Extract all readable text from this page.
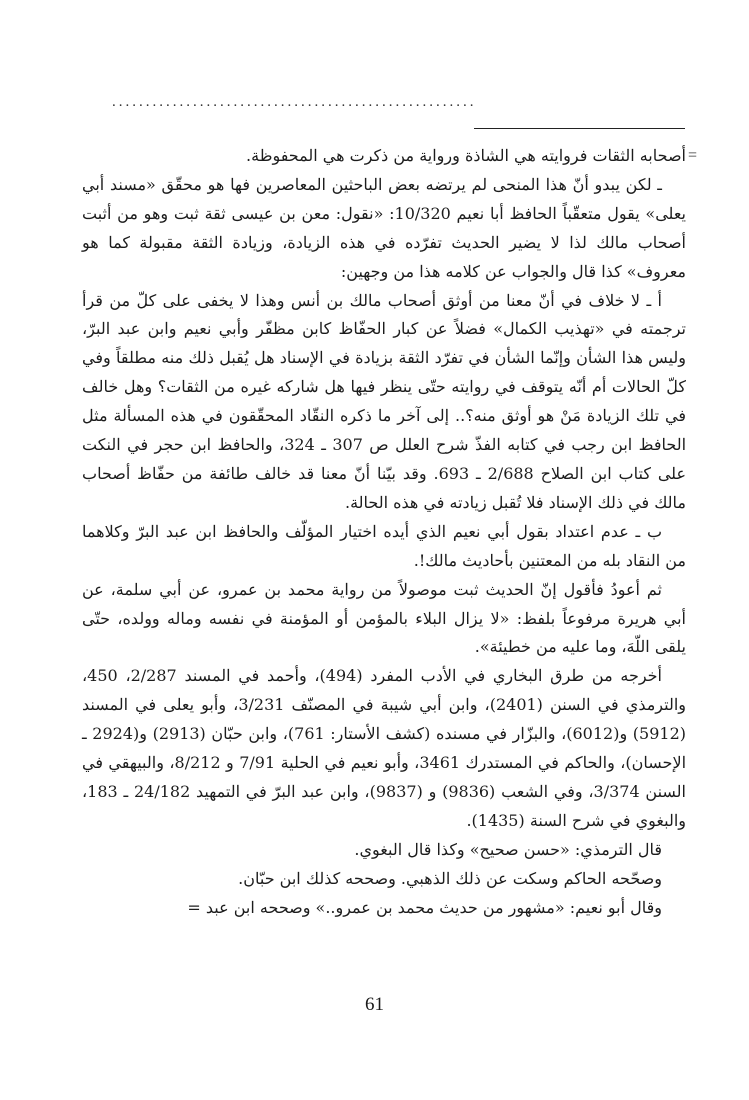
......................................................
=

أصحابه الثقات فروايته هي الشاذة ورواية من ذكرت هي المحفوظة.

ـ لكن يبدو أنّ هذا المنحى لم يرتضه بعض الباحثين المعاصرين فها هو محقّق «مسند أبي يعلى» يقول متعقّباً الحافظ أبا نعيم 10/320: «نقول: معن بن عيسى ثقة ثبت وهو من أثبت أصحاب مالك لذا لا يضير الحديث تفرّده في هذه الزيادة، وزيادة الثقة مقبولة كما هو معروف» كذا قال والجواب عن كلامه هذا من وجهين:

أ ـ لا خلاف في أنّ معنا من أوثق أصحاب مالك بن أنس وهذا لا يخفى على كلّ من قرأ ترجمته في «تهذيب الكمال» فضلاً عن كبار الحفّاظ كابن مظفّر وأبي نعيم وابن عبد البرّ، وليس هذا الشأن وإنّما الشأن في تفرّد الثقة بزيادة في الإسناد هل يُقبل ذلك منه مطلقاً وفي كلّ الحالات أم أنّه يتوقف في روايته حتّى ينظر فيها هل شاركه غيره من الثقات؟ وهل خالف في تلك الزيادة مَنْ هو أوثق منه؟.. إلى آخر ما ذكره النقّاد المحقّقون في هذه المسألة مثل الحافظ ابن رجب في كتابه الفذّ شرح العلل ص 307 ـ 324، والحافظ ابن حجر في النكت على كتاب ابن الصلاح 2/688 ـ 693. وقد بيّنا أنّ معنا قد خالف طائفة من حفّاظ أصحاب مالك في ذلك الإسناد فلا تُقبل زيادته في هذه الحالة.

ب ـ عدم اعتداد بقول أبي نعيم الذي أيده اختيار المؤلّف والحافظ ابن عبد البرّ وكلاهما من النقاد بله من المعتنين بأحاديث مالك!.

ثم أعودُ فأقول إنّ الحديث ثبت موصولاً من رواية محمد بن عمرو، عن أبي سلمة، عن أبي هريرة مرفوعاً بلفظ: «لا يزال البلاء بالمؤمن أو المؤمنة في نفسه وماله وولده، حتّى يلقى اللّهَ، وما عليه من خطيئة».

أخرجه من طرق البخاري في الأدب المفرد (494)، وأحمد في المسند 2/287، 450، والترمذي في السنن (2401)، وابن أبي شيبة في المصنّف 3/231، وأبو يعلى في المسند (5912) و(6012)، والبزّار في مسنده (كشف الأستار: 761)، وابن حبّان (2913) و(2924 ـ الإحسان)، والحاكم في المستدرك 3461، وأبو نعيم في الحلية 7/91 و 8/212، والبيهقي في السنن 3/374، وفي الشعب (9836) و (9837)، وابن عبد البرّ في التمهيد 24/182 ـ 183، والبغوي في شرح السنة (1435).

قال الترمذي: «حسن صحيح» وكذا قال البغوي.

وصحّحه الحاكم وسكت عن ذلك الذهبي. وصححه كذلك ابن حبّان.

وقال أبو نعيم: «مشهور من حديث محمد بن عمرو..» وصححه ابن عبد =

61
